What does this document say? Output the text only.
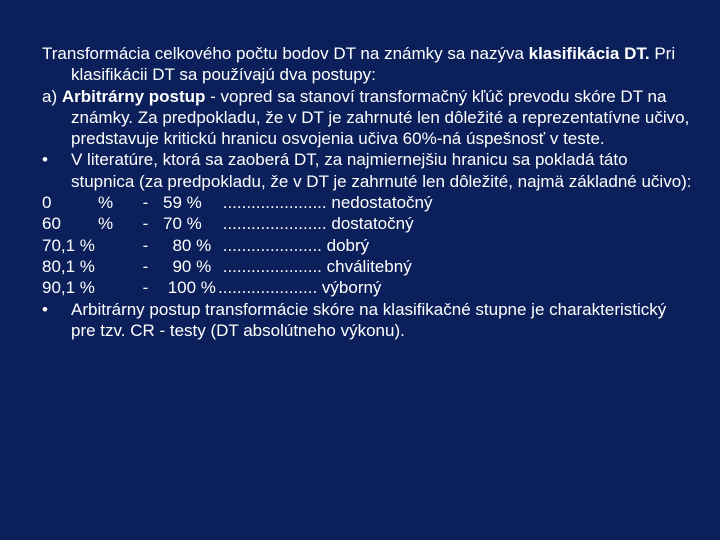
Transformácia celkového počtu bodov DT na známky sa nazýva klasifikácia DT. Pri klasifikácii DT sa používajú dva postupy:

a) Arbitrárny postup - vopred sa stanoví transformačný kľúč prevodu skóre DT na známky. Za predpokladu, že v DT je zahrnuté len dôležité a reprezentatívne učivo, predstavuje kritickú hranicu osvojenia učiva 60%-ná úspešnosť v teste.

•	V literatúre, ktorá sa zaoberá DT, za najmiernejšiu hranicu sa pokladá táto stupnica (za predpokladu, že v DT je zahrnuté len dôležité, najmä základné učivo):
0	%	- 59 % ...................... nedostatočný
60	%	- 70 % ...................... dostatočný
70,1 %	- 80 % ..................... dobrý
80,1 %	- 90 % ..................... chválitebný
90,1 %	- 100 % ..................... výborný
•	Arbitrárny postup transformácie skóre na klasifikačné stupne je charakteristický pre tzv. CR - testy (DT absolútneho výkonu).
